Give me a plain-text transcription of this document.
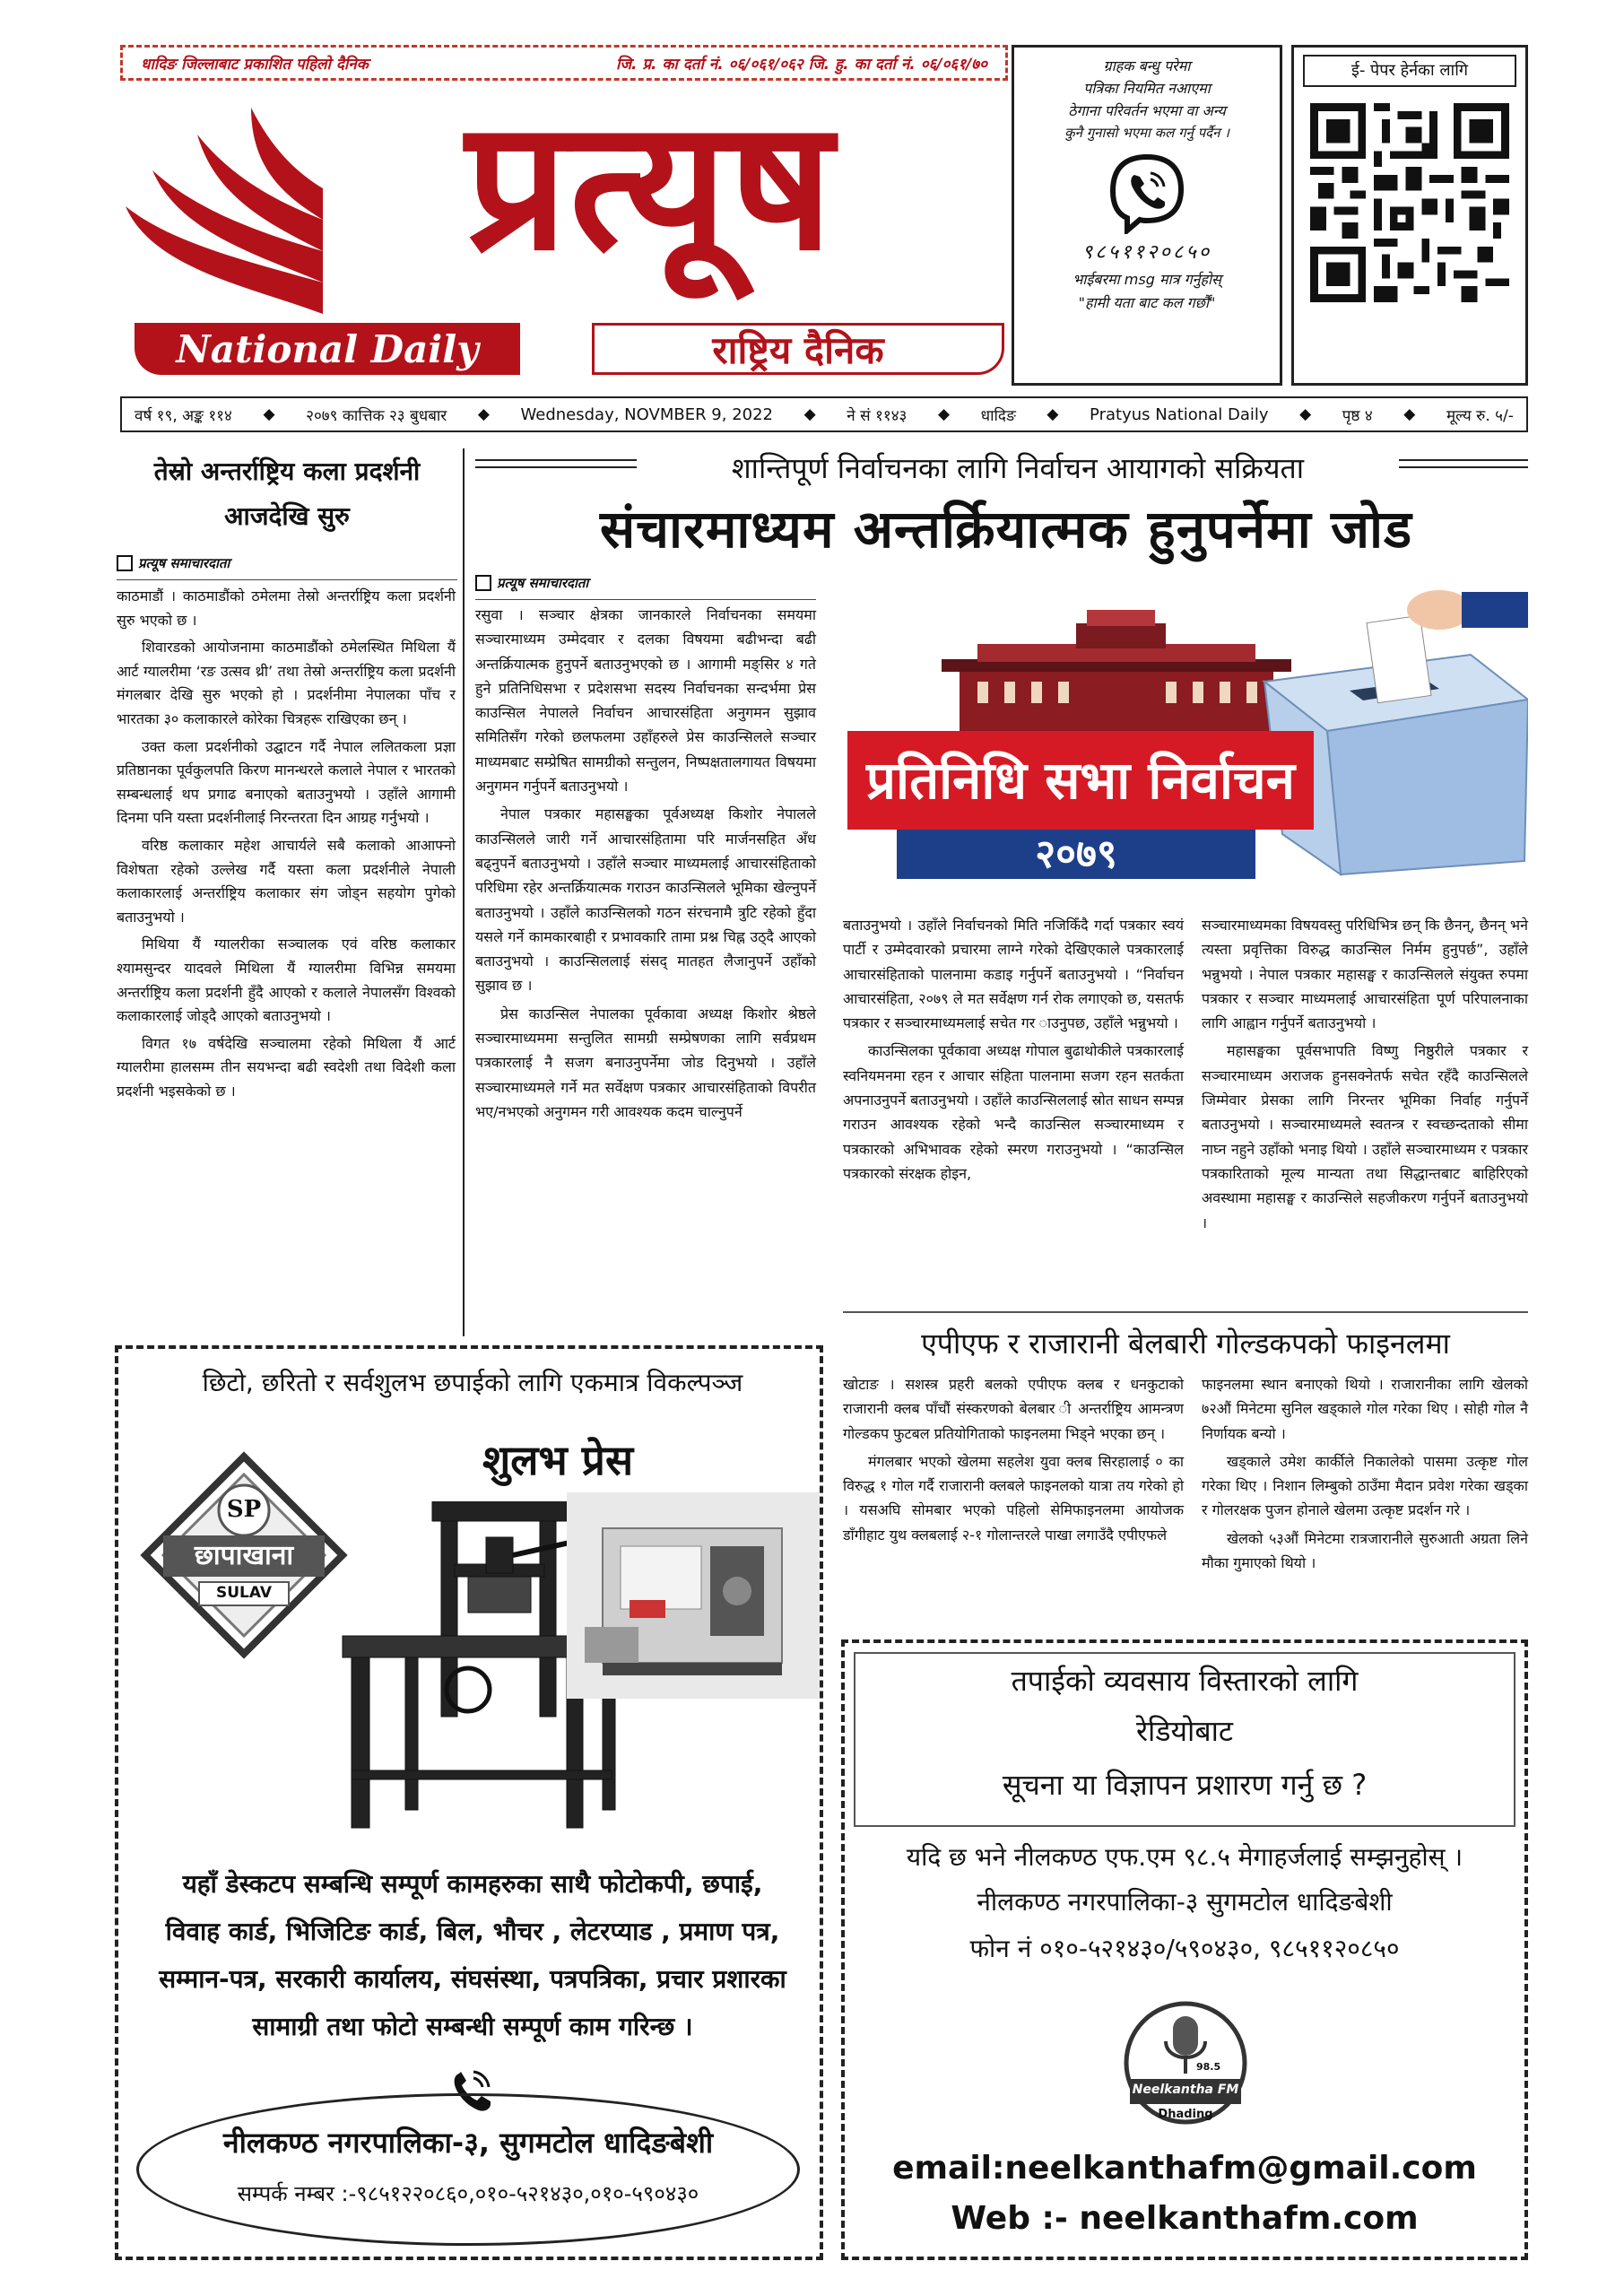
धादिङ जिल्लाबाट प्रकाशित पहिलो दैनिक	जि. प्र. का दर्ता नं. ०६/०६१/०६२ जि. हु. का दर्ता नं. ०६/०६१/७०
प्रत्यूष
National Daily	राष्ट्रिय दैनिक
ग्राहक बन्धु परेमा
पत्रिका नियमित नआएमा
ठेगाना परिवर्तन भएमा वा अन्य
कुनै गुनासो भएमा कल गर्नु पर्दैन ।
९८५११२०८५०
भाईबरमा msg मात्र गर्नुहोस्
"हामी यता बाट कल गर्छौं"
ई- पेपर हेर्नका लागि
वर्ष १९, अङ्क ११४ ◆ २०७९ कात्तिक २३ बुधबार ◆ Wednesday, NOVMBER 9, 2022 ◆ ने सं ११४३ ◆ धादिङ ◆ Pratyus National Daily ◆ पृष्ठ ४ ◆ मूल्य रु. ५/-
तेस्रो अन्तर्राष्ट्रिय कला प्रदर्शनी
आजदेखि सुरु
प्रत्यूष समाचारदाता

काठमाडौं । काठमाडौंको ठमेलमा तेस्रो अन्तर्राष्ट्रिय कला प्रदर्शनी सुरु भएको छ ।

शिवारडको आयोजनामा काठमाडौंको ठमेलस्थित मिथिला यैं आर्ट ग्यालरीमा ‘रङ उत्सव थ्री’ तथा तेस्रो अन्तर्राष्ट्रिय कला प्रदर्शनी मंगलबार देखि सुरु भएको हो । प्रदर्शनीमा नेपालका पाँच र भारतका ३० कलाकारले कोरेका चित्रहरू राखिएका छन् ।

उक्त कला प्रदर्शनीको उद्घाटन गर्दै नेपाल ललितकला प्रज्ञा प्रतिष्ठानका पूर्वकुलपति किरण मानन्धरले कलाले नेपाल र भारतको सम्बन्धलाई थप प्रगाढ बनाएको बताउनुभयो । उहाँले आगामी दिनमा पनि यस्ता प्रदर्शनीलाई निरन्तरता दिन आग्रह गर्नुभयो ।

वरिष्ठ कलाकार महेश आचार्यले सबै कलाको आआफ्नो विशेषता रहेको उल्लेख गर्दै यस्ता कला प्रदर्शनीले नेपाली कलाकारलाई अन्तर्राष्ट्रिय कलाकार संग जोड्न सहयोग पुगेको बताउनुभयो ।

मिथिया यैं ग्यालरीका सञ्चालक एवं वरिष्ठ कलाकार श्यामसुन्दर यादवले मिथिला यैं ग्यालरीमा विभिन्न समयमा अन्तर्राष्ट्रिय कला प्रदर्शनी हुँदै आएको र कलाले नेपालसँग विश्वको कलाकारलाई जोड्दै आएको बताउनुभयो ।

विगत १७ वर्षदेखि सञ्चालमा रहेको मिथिला यैं आर्ट ग्यालरीमा हालसम्म तीन सयभन्दा बढी स्वदेशी तथा विदेशी कला प्रदर्शनी भइसकेको छ ।

शान्तिपूर्ण निर्वाचनका लागि निर्वाचन आयागको सक्रियता
संचारमाध्यम अन्तर्क्रियात्मक हुनुपर्नेमा जोड
प्रत्यूष समाचारदाता

रसुवा । सञ्चार क्षेत्रका जानकारले निर्वाचनका समयमा सञ्चारमाध्यम उम्मेदवार र दलका विषयमा बढीभन्दा बढी अन्तर्क्रियात्मक हुनुपर्ने बताउनुभएको छ । आगामी मङ्सिर ४ गते हुने प्रतिनिधिसभा र प्रदेशसभा सदस्य निर्वाचनका सन्दर्भमा प्रेस काउन्सिल नेपालले निर्वाचन आचारसंहिता अनुगमन सुझाव समितिसँग गरेको छलफलमा उहाँहरुले प्रेस काउन्सिलले सञ्चार माध्यमबाट सम्प्रेषित सामग्रीको सन्तुलन, निष्पक्षतालगायत विषयमा अनुगमन गर्नुपर्ने बताउनुभयो ।

नेपाल पत्रकार महासङ्घका पूर्वअध्यक्ष किशोर नेपालले काउन्सिलले जारी गर्ने आचारसंहितामा परि मार्जनसहित अँध बढ्नुपर्ने बताउनुभयो । उहाँले सञ्चार माध्यमलाई आचारसंहिताको परिधिमा रहेर अन्तर्क्रियात्मक गराउन काउन्सिलले भूमिका खेल्नुपर्ने बताउनुभयो । उहाँले काउन्सिलको गठन संरचनामै त्रुटि रहेको हुँदा यसले गर्ने कामकारबाही र प्रभावकारि तामा प्रश्न चिह्न उठ्दै आएको बताउनुभयो । काउन्सिललाई संसद् मातहत लैजानुपर्ने उहाँको सुझाव छ ।

प्रेस काउन्सिल नेपालका पूर्वकावा अध्यक्ष किशोर श्रेष्ठले सञ्चारमाध्यममा सन्तुलित सामग्री सम्प्रेषणका लागि सर्वप्रथम पत्रकारलाई नै सजग बनाउनुपर्नेमा जोड दिनुभयो । उहाँले सञ्चारमाध्यमले गर्ने मत सर्वेक्षण पत्रकार आचारसंहिताको विपरीत भए/नभएको अनुगमन गरी आवश्यक कदम चाल्नुपर्ने

प्रतिनिधि सभा निर्वाचन
२०७९

बताउनुभयो । उहाँले निर्वाचनको मिति नजिकिँदै गर्दा पत्रकार स्वयं पार्टी र उम्मेदवारको प्रचारमा लाग्ने गरेको देखिएकाले पत्रकारलाई आचारसंहिताको पालनामा कडाइ गर्नुपर्ने बताउनुभयो । “निर्वाचन आचारसंहिता, २०७९ ले मत सर्वेक्षण गर्न रोक लगाएको छ, यसतर्फ पत्रकार र सञ्चारमाध्यमलाई सचेत गर ाउनुपछ, उहाँले भन्नुभयो ।

काउन्सिलका पूर्वकावा अध्यक्ष गोपाल बुढाथोकीले पत्रकारलाई स्वनियमनमा रहन र आचार संहिता पालनामा सजग रहन सतर्कता अपनाउनुपर्ने बताउनुभयो । उहाँले काउन्सिललाई स्रोत साधन सम्पन्न गराउन आवश्यक रहेको भन्दै काउन्सिल सञ्चारमाध्यम र पत्रकारको अभिभावक रहेको स्मरण गराउनुभयो । “काउन्सिल पत्रकारको संरक्षक होइन,

सञ्चारमाध्यमका विषयवस्तु परिधिभित्र छन् कि छैनन्, छैनन् भने त्यस्ता प्रवृत्तिका विरुद्ध काउन्सिल निर्मम हुनुपर्छ”, उहाँले भन्नुभयो । नेपाल पत्रकार महासङ्घ र काउन्सिलले संयुक्त रुपमा पत्रकार र सञ्चार माध्यमलाई आचारसंहिता पूर्ण परिपालनाका लागि आह्वान गर्नुपर्ने बताउनुभयो ।

महासङ्घका पूर्वसभापति विष्णु निष्ठुरीले पत्रकार र सञ्चारमाध्यम अराजक हुनसक्नेतर्फ सचेत रहँदै काउन्सिलले जिम्मेवार प्रेसका लागि निरन्तर भूमिका निर्वाह गर्नुपर्ने बताउनुभयो । सञ्चारमाध्यमले स्वतन्त्र र स्वच्छन्दताको सीमा नाघ्न नहुने उहाँको भनाइ थियो । उहाँले सञ्चारमाध्यम र पत्रकार पत्रकारिताको मूल्य मान्यता तथा सिद्धान्तबाट बाहिरिएको अवस्थामा महासङ्घ र काउन्सिले सहजीकरण गर्नुपर्ने बताउनुभयो ।

एपीएफ र राजारानी बेलबारी गोल्डकपको फाइनलमा

खोटाङ । सशस्त्र प्रहरी बलको एपीएफ क्लब र धनकुटाको राजारानी क्लब पाँचौं संस्करणको बेलबार ी अन्तर्राष्ट्रिय आमन्त्रण गोल्डकप फुटबल प्रतियोगिताको फाइनलमा भिड्ने भएका छन् ।

मंगलबार भएको खेलमा सहलेश युवा क्लब सिरहालाई ० का विरुद्ध १ गोल गर्दै राजारानी क्लबले फाइनलको यात्रा तय गरेको हो । यसअघि सोमबार भएको पहिलो सेमिफाइनलमा आयोजक डाँगीहाट युथ क्लबलाई २-१ गोलान्तरले पाखा लगाउँदै एपीएफले

फाइनलमा स्थान बनाएको थियो । राजारानीका लागि खेलको ७२औं मिनेटमा सुनिल खड्काले गोल गरेका थिए । सोही गोल नै निर्णायक बन्यो ।

खड्काले उमेश कार्कीले निकालेको पासमा उत्कृष्ट गोल गरेका थिए । निशान लिम्बुको ठाउँमा मैदान प्रवेश गरेका खड्का र गोलरक्षक पुजन होनाले खेलमा उत्कृष्ट प्रदर्शन गरे ।

खेलको ५३औं मिनेटमा रात्रजारानीले सुरुआती अग्रता लिने मौका गुमाएको थियो ।

छिटो, छरितो र सर्वशुलभ छपाईको लागि एकमात्र विकल्पञ्ज
शुलभ प्रेस
SP
छापाखाना
SULAV
यहाँ डेस्कटप सम्बन्धि सम्पूर्ण कामहरुका साथै फोटोकपी, छपाई, विवाह कार्ड, भिजिटिङ कार्ड, बिल, भौचर , लेटरप्याड , प्रमाण पत्र, सम्मान-पत्र, सरकारी कार्यालय, संघसंस्था, पत्रपत्रिका, प्रचार प्रशारका सामाग्री तथा फोटो सम्बन्धी सम्पूर्ण काम गरिन्छ ।
नीलकण्ठ नगरपालिका-३, सुगमटोल धादिङबेशी
सम्पर्क नम्बर :-९८५१२२०८६०,०१०-५२१४३०,०१०-५९०४३०
तपाईको व्यवसाय विस्तारको लागि
रेडियोबाट
सूचना या विज्ञापन प्रशारण गर्नु छ ?
यदि छ भने नीलकण्ठ एफ.एम ९८.५ मेगाहर्जलाई सम्झनुहोस् ।
नीलकण्ठ नगरपालिका-३ सुगमटोल धादिङबेशी
फोन नं ०१०-५२१४३०/५९०४३०, ९८५११२०८५०
98.5
Neelkantha FM
Dhading
email:neelkanthafm@gmail.com
Web :- neelkanthafm.com
